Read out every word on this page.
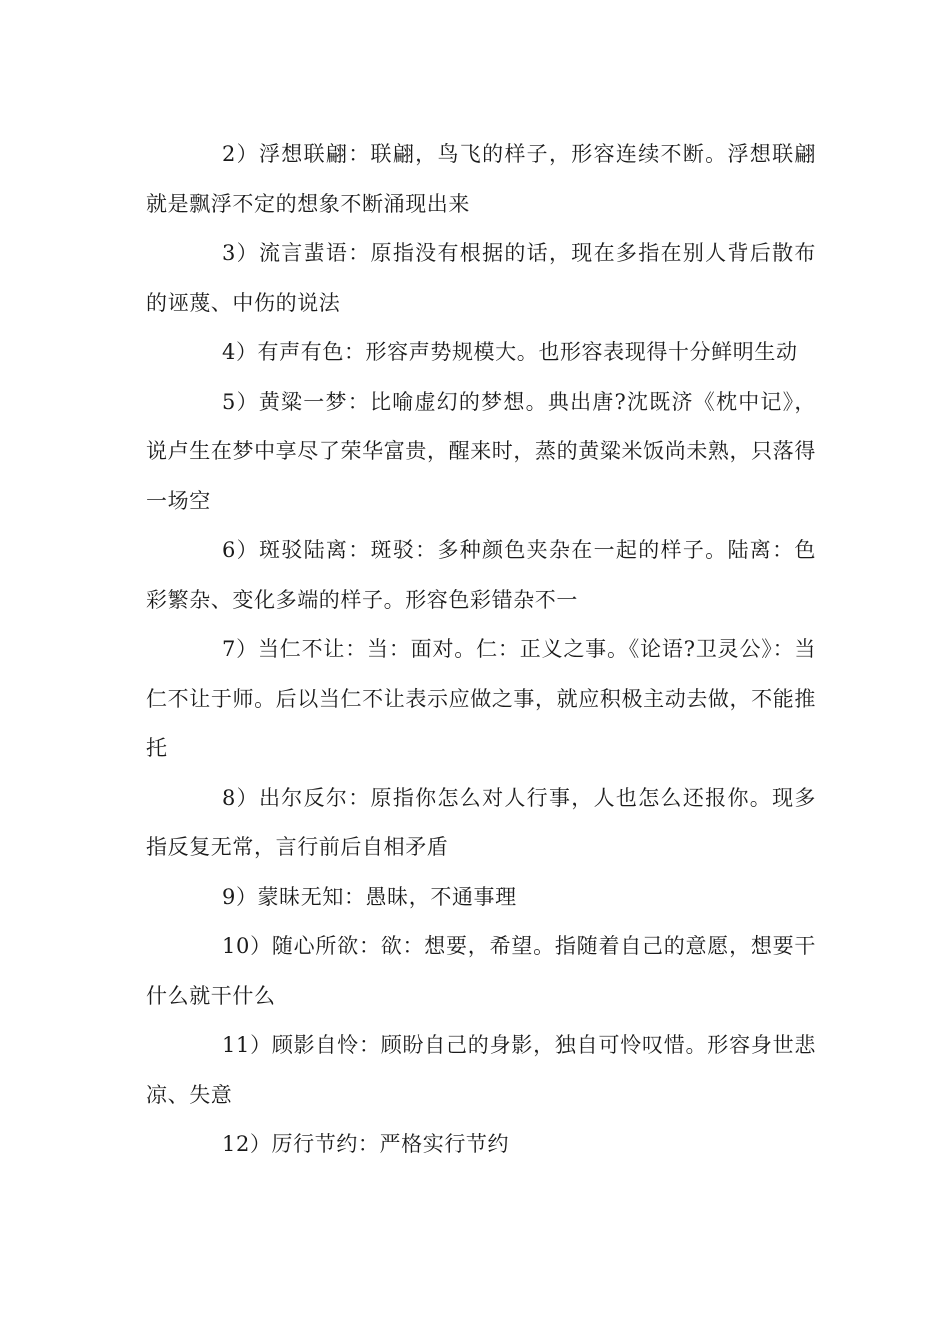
2）浮想联翩：联翩，鸟飞的样子，形容连续不断。浮想联翩就是飘浮不定的想象不断涌现出来

3）流言蜚语：原指没有根据的话，现在多指在别人背后散布的诬蔑、中伤的说法

4）有声有色：形容声势规模大。也形容表现得十分鲜明生动

5）黄粱一梦：比喻虚幻的梦想。典出唐?沈既济《枕中记》，说卢生在梦中享尽了荣华富贵，醒来时，蒸的黄粱米饭尚未熟，只落得一场空

6）斑驳陆离：斑驳：多种颜色夹杂在一起的样子。陆离：色彩繁杂、变化多端的样子。形容色彩错杂不一

7）当仁不让：当：面对。仁：正义之事。《论语?卫灵公》：当仁不让于师。后以当仁不让表示应做之事，就应积极主动去做，不能推托

8）出尔反尔：原指你怎么对人行事，人也怎么还报你。现多指反复无常，言行前后自相矛盾

9）蒙昧无知：愚昧，不通事理

10）随心所欲：欲：想要，希望。指随着自己的意愿，想要干什么就干什么

11）顾影自怜：顾盼自己的身影，独自可怜叹惜。形容身世悲凉、失意

12）厉行节约：严格实行节约
